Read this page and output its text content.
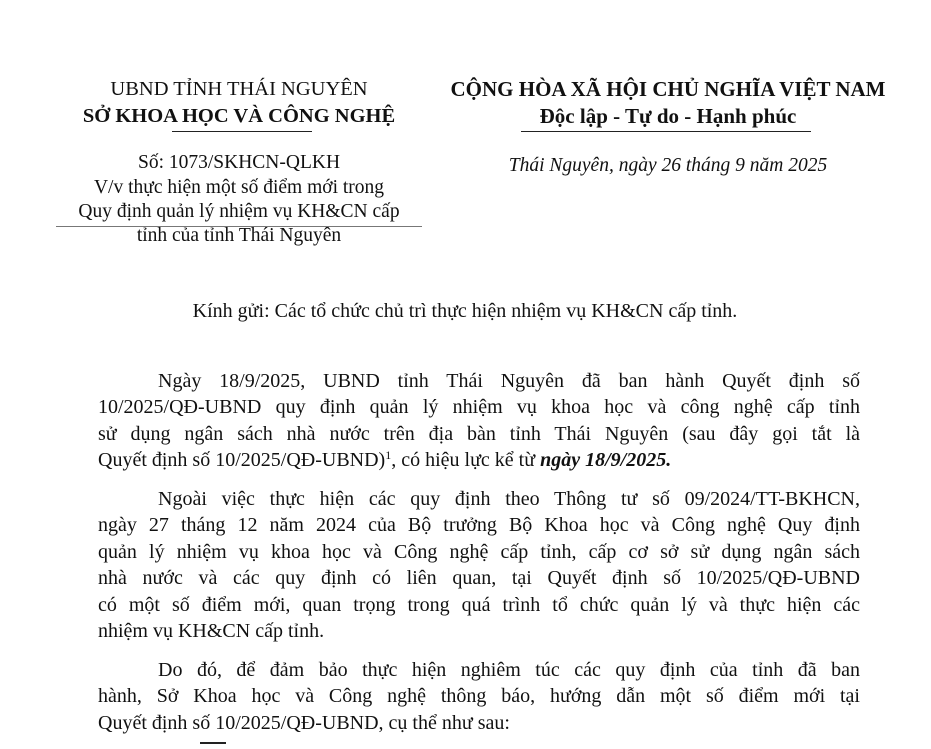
UBND TỈNH THÁI NGUYÊN
SỞ KHOA HỌC VÀ CÔNG NGHỆ
Số: 1073/SKHCN-QLKH
V/v thực hiện một số điểm mới trong
Quy định quản lý nhiệm vụ KH&CN cấp
tỉnh của tỉnh Thái Nguyên
CỘNG HÒA XÃ HỘI CHỦ NGHĨA VIỆT NAM
Độc lập - Tự do - Hạnh phúc
Thái Nguyên, ngày 26 tháng 9 năm 2025
Kính gửi: Các tổ chức chủ trì thực hiện nhiệm vụ KH&CN cấp tỉnh.
Ngày 18/9/2025, UBND tỉnh Thái Nguyên đã ban hành Quyết định số
10/2025/QĐ-UBND quy định quản lý nhiệm vụ khoa học và công nghệ cấp tỉnh
sử dụng ngân sách nhà nước trên địa bàn tỉnh Thái Nguyên (sau đây gọi tắt là
Quyết định số 10/2025/QĐ-UBND)$^1$, có hiệu lực kể từ ngày 18/9/2025.
Ngoài việc thực hiện các quy định theo Thông tư số 09/2024/TT-BKHCN,
ngày 27 tháng 12 năm 2024 của Bộ trưởng Bộ Khoa học và Công nghệ Quy định
quản lý nhiệm vụ khoa học và Công nghệ cấp tỉnh, cấp cơ sở sử dụng ngân sách
nhà nước và các quy định có liên quan, tại Quyết định số 10/2025/QĐ-UBND
có một số điểm mới, quan trọng trong quá trình tổ chức quản lý và thực hiện các
nhiệm vụ KH&CN cấp tỉnh.
Do đó, để đảm bảo thực hiện nghiêm túc các quy định của tỉnh đã ban
hành, Sở Khoa học và Công nghệ thông báo, hướng dẫn một số điểm mới tại
Quyết định số 10/2025/QĐ-UBND, cụ thể như sau:
